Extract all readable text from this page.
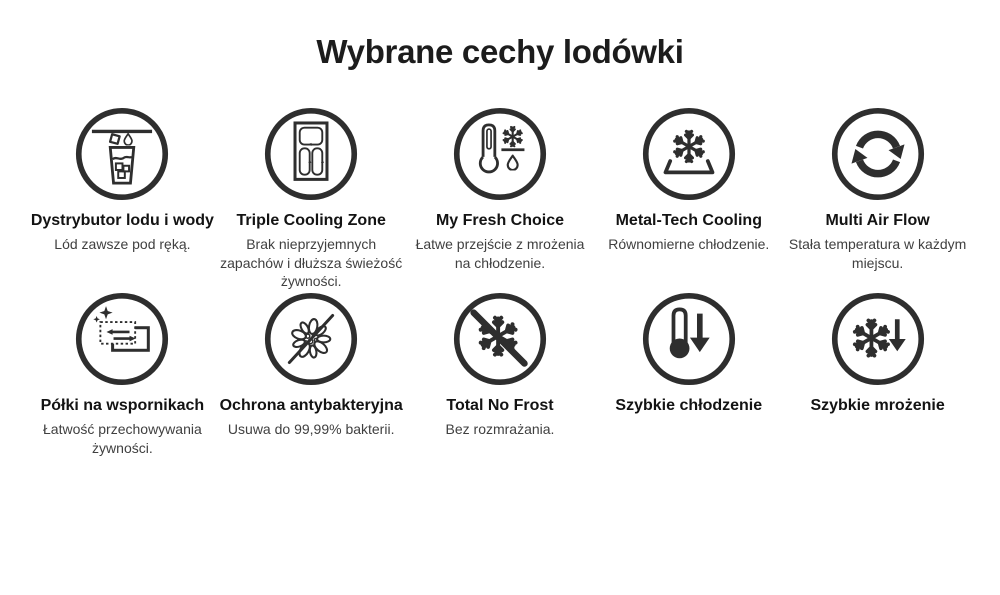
Wybrane cechy lodówki
Dystrybutor lodu i wody

Lód zawsze pod ręką.

Triple Cooling Zone

Brak nieprzyjemnych zapachów i dłuższa świeżość żywności.

My Fresh Choice

Łatwe przejście z mrożenia na chłodzenie.

Metal-Tech Cooling

Równomierne chłodzenie.

Multi Air Flow

Stała temperatura w każdym miejscu.

Półki na wspornikach

Łatwość przechowywania żywności.

Ochrona antybakteryjna

Usuwa do 99,99% bakterii.

Total No Frost

Bez rozmrażania.

Szybkie chłodzenie	Szybkie mrożenie
